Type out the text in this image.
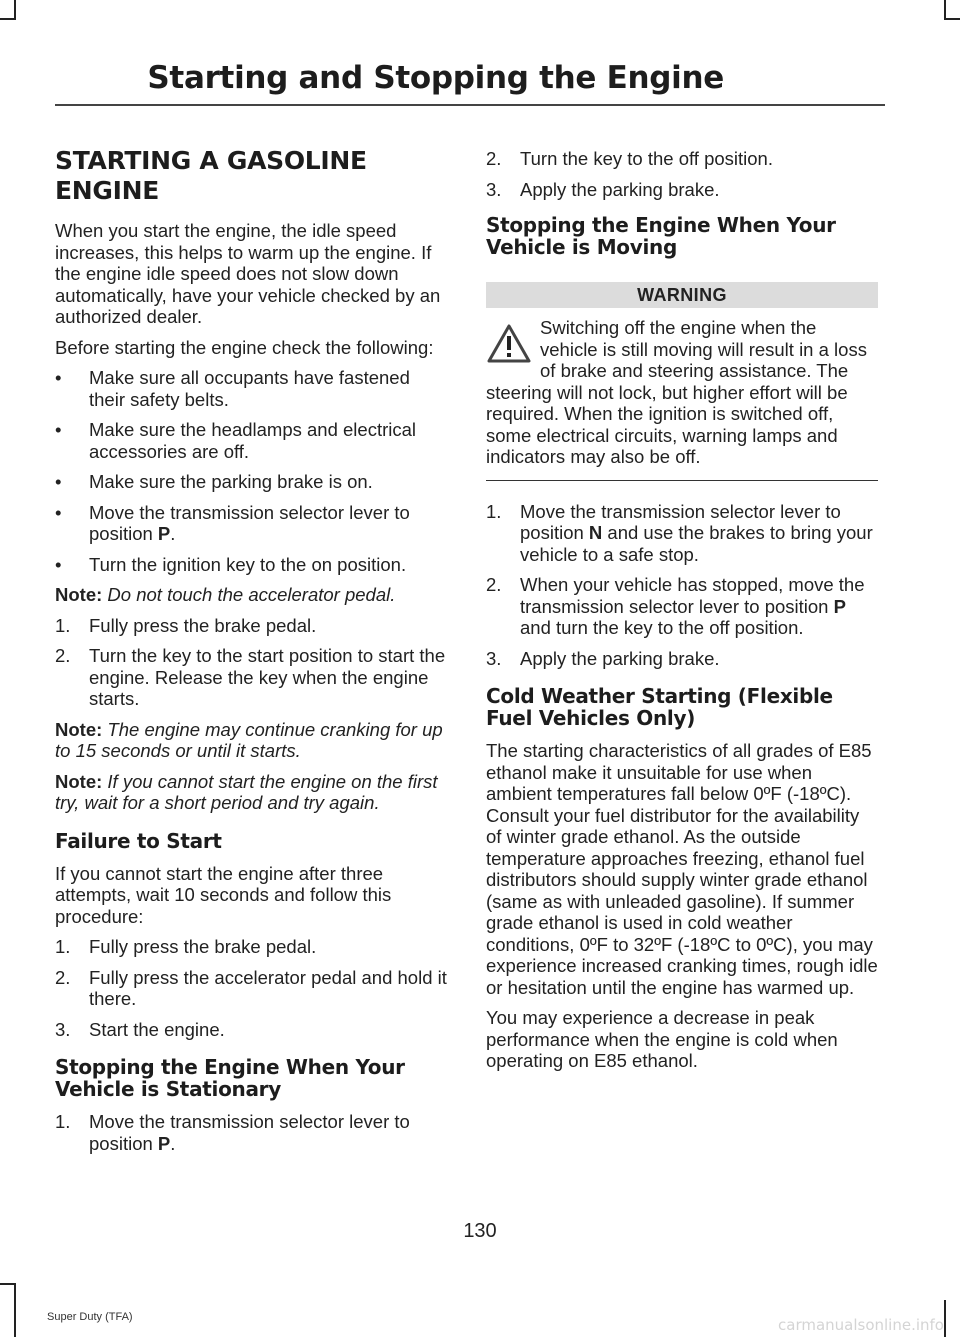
Starting and Stopping the Engine
STARTING A GASOLINE ENGINE

When you start the engine, the idle speed increases, this helps to warm up the engine. If the engine idle speed does not slow down automatically, have your vehicle checked by an authorized dealer.

Before starting the engine check the following:

• Make sure all occupants have fastened their safety belts.
• Make sure the headlamps and electrical accessories are off.
• Make sure the parking brake is on.
• Move the transmission selector lever to position P.
• Turn the ignition key to the on position.

Note: Do not touch the accelerator pedal.

1. Fully press the brake pedal.
2. Turn the key to the start position to start the engine. Release the key when the engine starts.

Note: The engine may continue cranking for up to 15 seconds or until it starts.

Note: If you cannot start the engine on the first try, wait for a short period and try again.

Failure to Start

If you cannot start the engine after three attempts, wait 10 seconds and follow this procedure:

1. Fully press the brake pedal.
2. Fully press the accelerator pedal and hold it there.
3. Start the engine.
Stopping the Engine When Your Vehicle is Stationary
1. Move the transmission selector lever to position P.
2. Turn the key to the off position.
3. Apply the parking brake.
Stopping the Engine When Your Vehicle is Moving
WARNING
Switching off the engine when the vehicle is still moving will result in a loss of brake and steering assistance. The steering will not lock, but higher effort will be required. When the ignition is switched off, some electrical circuits, warning lamps and indicators may also be off.
1. Move the transmission selector lever to position N and use the brakes to bring your vehicle to a safe stop.
2. When your vehicle has stopped, move the transmission selector lever to position P and turn the key to the off position.
3. Apply the parking brake.
Cold Weather Starting (Flexible Fuel Vehicles Only)

The starting characteristics of all grades of E85 ethanol make it unsuitable for use when ambient temperatures fall below 0ºF (-18ºC). Consult your fuel distributor for the availability of winter grade ethanol. As the outside temperature approaches freezing, ethanol fuel distributors should supply winter grade ethanol (same as with unleaded gasoline). If summer grade ethanol is used in cold weather conditions, 0ºF to 32ºF (-18ºC to 0ºC), you may experience increased cranking times, rough idle or hesitation until the engine has warmed up.

You may experience a decrease in peak performance when the engine is cold when operating on E85 ethanol.

130
Super Duty (TFA)	carmanualsonline.info
